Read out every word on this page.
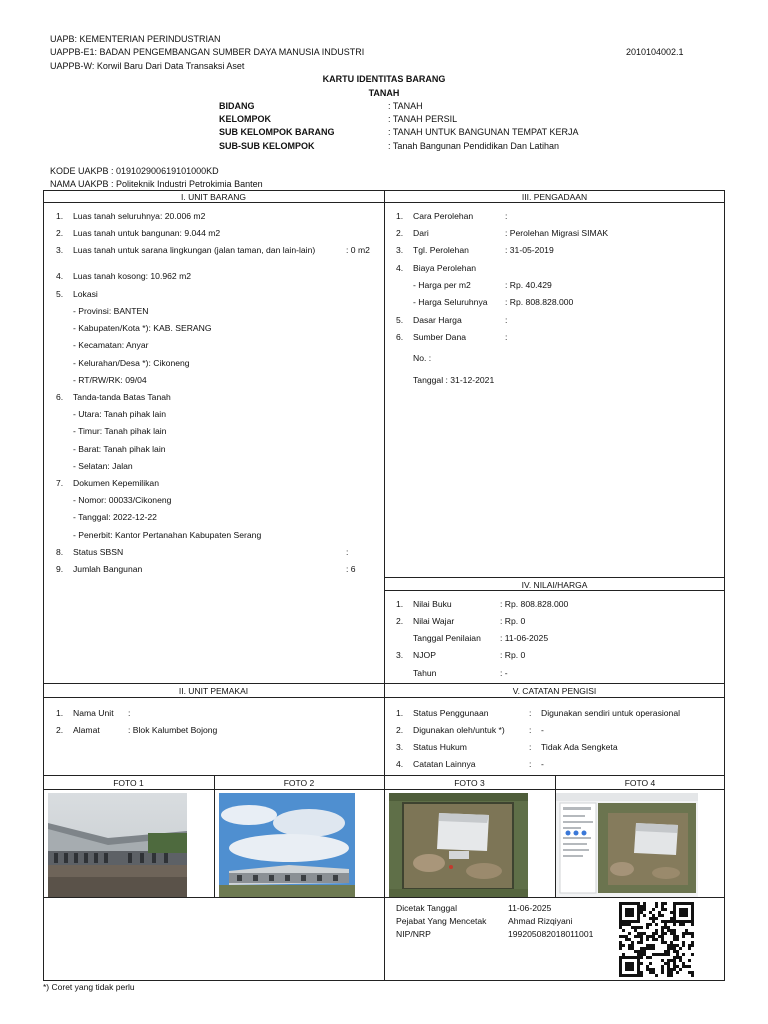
UAPB: KEMENTERIAN PERINDUSTRIAN
UAPPB-E1: BADAN PENGEMBANGAN SUMBER DAYA MANUSIA INDUSTRI	2010104002.1
UAPPB-W: Korwil Baru Dari Data Transaksi Aset
KARTU IDENTITAS BARANG
TANAH
BIDANG	: TANAH
KELOMPOK	: TANAH PERSIL
SUB KELOMPOK BARANG	: TANAH UNTUK BANGUNAN TEMPAT KERJA
SUB-SUB KELOMPOK	: Tanah Bangunan Pendidikan Dan Latihan
KODE UAKPB : 019102900619101000KD
NAMA UAKPB : Politeknik Industri Petrokimia Banten
I. UNIT BARANG	III. PENGADAAN
IV. NILAI/HARGA
II. UNIT PEMAKAI	V. CATATAN PENGISI
1. Luas tanah seluruhnya: 20.006 m2
2. Luas tanah untuk bangunan: 9.044 m2
3. Luas tanah untuk sarana lingkungan (jalan taman, dan lain-lain)	: 0 m2
4. Luas tanah kosong: 10.962 m2
5. Lokasi
- Provinsi: BANTEN
- Kabupaten/Kota *): KAB. SERANG
- Kecamatan: Anyar
- Kelurahan/Desa *): Cikoneng
- RT/RW/RK: 09/04
6. Tanda-tanda Batas Tanah
- Utara: Tanah pihak lain
- Timur: Tanah pihak lain
- Barat: Tanah pihak lain
- Selatan: Jalan
7. Dokumen Kepemilikan
- Nomor: 00033/Cikoneng
- Tanggal: 2022-12-22
- Penerbit: Kantor Pertanahan Kabupaten Serang
8. Status SBSN	:
9. Jumlah Bangunan	: 6
1. Cara Perolehan	:
2. Dari	: Perolehan Migrasi SIMAK
3. Tgl. Perolehan	: 31-05-2019
4. Biaya Perolehan
- Harga per m2	: Rp. 40.429
- Harga Seluruhnya : Rp. 808.828.000
5. Dasar Harga	:
6. Sumber Dana	:
No. :
Tanggal : 31-12-2021
1. Nilai Buku	: Rp. 808.828.000
2. Nilai Wajar	: Rp. 0
Tanggal Penilaian : 11-06-2025
3. NJOP	: Rp. 0
Tahun	: -
1. Nama Unit :
2. Alamat	: Blok Kalumbet Bojong
1. Status Penggunaan	: Digunakan sendiri untuk operasional
2. Digunakan oleh/untuk *)	: -
3. Status Hukum	: Tidak Ada Sengketa
4. Catatan Lainnya	: -
FOTO 1	FOTO 2	FOTO 3	FOTO 4
Dicetak Tanggal	11-06-2025
Pejabat Yang Mencetak	Ahmad Rizqiyani
NIP/NRP	199205082018011001
*) Coret yang tidak perlu
